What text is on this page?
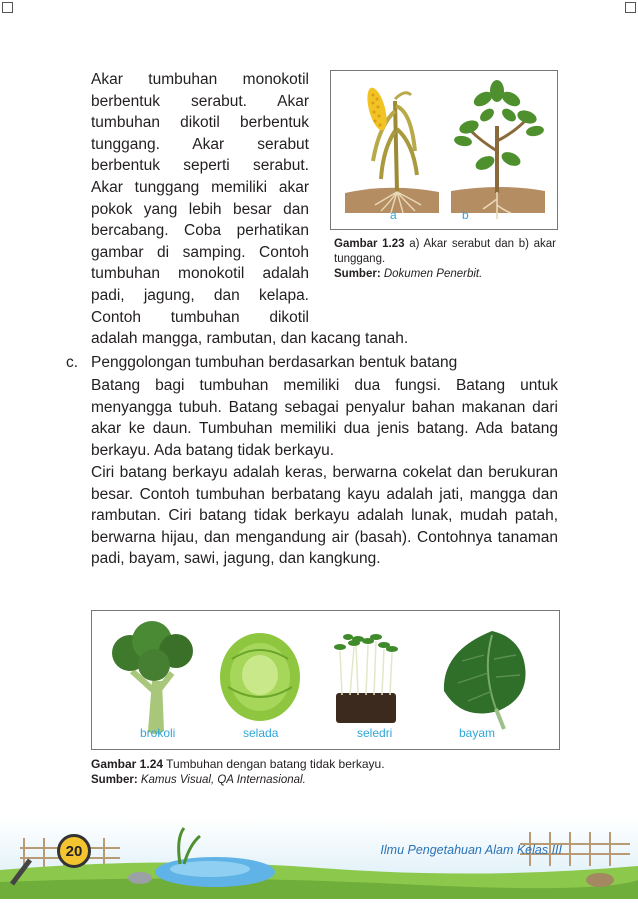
Akar tumbuhan monokotil
berbentuk serabut. Akar
tumbuhan dikotil berbentuk
tunggang. Akar serabut
berbentuk seperti serabut.
Akar tunggang memiliki akar
pokok yang lebih besar dan
bercabang. Coba perhatikan
gambar di samping. Contoh
tumbuhan monokotil adalah
padi, jagung, dan kelapa.
Contoh tumbuhan dikotil
adalah mangga, rambutan, dan kacang tanah.
a	b
Gambar 1.23 a) Akar serabut dan b) akar tunggang.
Sumber: Dokumen Penerbit.
c. Penggolongan tumbuhan berdasarkan bentuk batang
Batang bagi tumbuhan memiliki dua fungsi. Batang untuk menyangga tubuh. Batang sebagai penyalur bahan makanan dari akar ke daun. Tumbuhan memiliki dua jenis batang. Ada batang berkayu. Ada batang tidak berkayu.
Ciri batang berkayu adalah keras, berwarna cokelat dan berukuran besar. Contoh tumbuhan berbatang kayu adalah jati, mangga dan rambutan. Ciri batang tidak berkayu adalah lunak, mudah patah, berwarna hijau, dan mengandung air (basah). Contohnya tanaman padi, bayam, sawi, jagung, dan kangkung.
brokoli	selada	seledri	bayam
Gambar 1.24 Tumbuhan dengan batang tidak berkayu.
Sumber: Kamus Visual, QA Internasional.
20	Ilmu Pengetahuan Alam Kelas III
